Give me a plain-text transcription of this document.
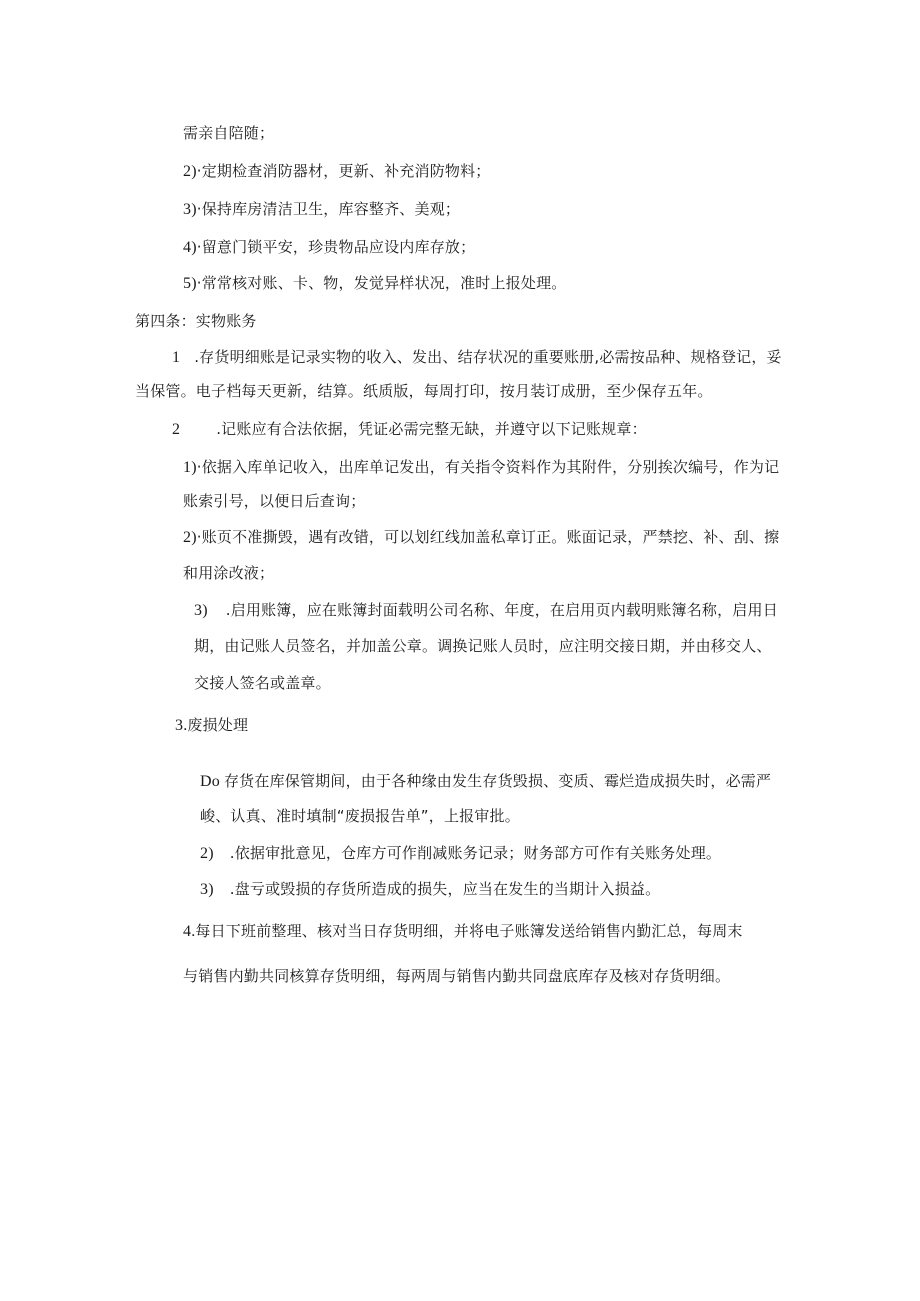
需亲自陪随；

2)·定期检查消防器材，更新、补充消防物料；

3)·保持库房清洁卫生，库容整齐、美观；

4)·留意门锁平安，珍贵物品应设内库存放；

5)·常常核对账、卡、物，发觉异样状况，准时上报处理。

第四条：实物账务

1 .存货明细账是记录实物的收入、发出、结存状况的重要账册,必需按品种、规格登记，妥

当保管。电子档每天更新，结算。纸质版，每周打印，按月装订成册，至少保存五年。

2 .记账应有合法依据，凭证必需完整无缺，并遵守以下记账规章：

1)·依据入库单记收入，出库单记发出，有关指令资料作为其附件，分别挨次编号，作为记

账索引号，以便日后查询；

2)·账页不准撕毁，遇有改错，可以划红线加盖私章订正。账面记录，严禁挖、补、刮、擦

和用涂改液；

3) .启用账簿，应在账簿封面载明公司名称、年度，在启用页内载明账簿名称，启用日

期，由记账人员签名，并加盖公章。调换记账人员时，应注明交接日期，并由移交人、

交接人签名或盖章。

3.废损处理

Do 存货在库保管期间，由于各种缘由发生存货毁损、变质、霉烂造成损失时，必需严

峻、认真、准时填制“废损报告单”，上报审批。

2) .依据审批意见，仓库方可作削减账务记录；财务部方可作有关账务处理。

3) .盘亏或毁损的存货所造成的损失，应当在发生的当期计入损益。

4.每日下班前整理、核对当日存货明细，并将电子账簿发送给销售内勤汇总，每周末

与销售内勤共同核算存货明细，每两周与销售内勤共同盘底库存及核对存货明细。
